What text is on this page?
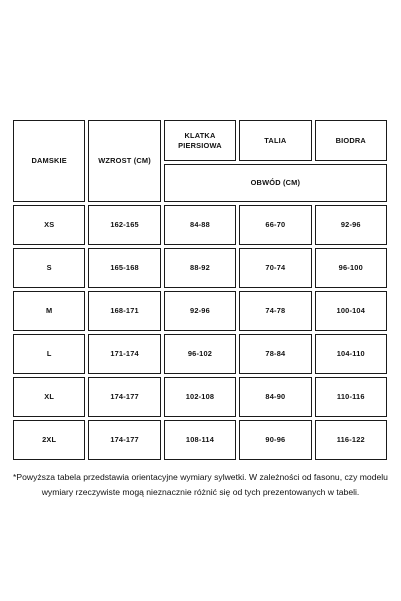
DAMSKIE	WZROST (CM)	KLATKA PIERSIOWA	TALIA	BIODRA
		OBWÓD (CM)		
XS	162-165	84-88	66-70	92-96
S	165-168	88-92	70-74	96-100
M	168-171	92-96	74-78	100-104
L	171-174	96-102	78-84	104-110
XL	174-177	102-108	84-90	110-116
2XL	174-177	108-114	90-96	116-122

*Powyższa tabela przedstawia orientacyjne wymiary sylwetki. W zależności od fasonu, czy modelu wymiary rzeczywiste mogą nieznacznie różnić się od tych prezentowanych w tabeli.
